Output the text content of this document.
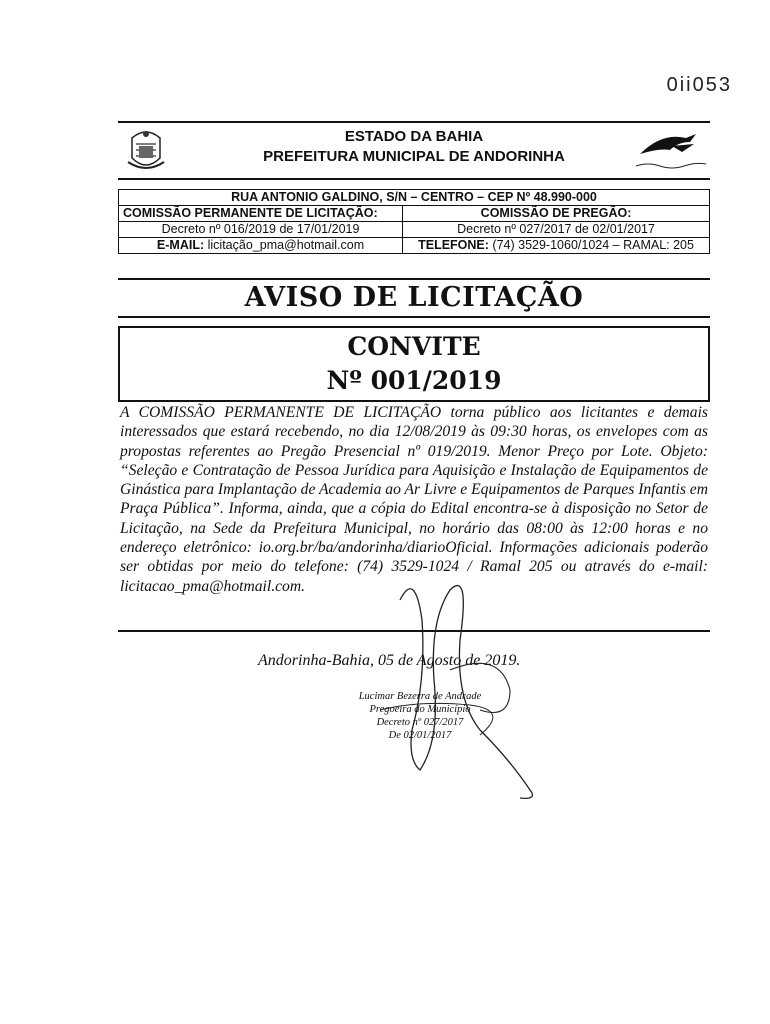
0ii053
ESTADO DA BAHIA
PREFEITURA MUNICIPAL DE ANDORINHA
RUA ANTONIO GALDINO, S/N – CENTRO – CEP Nº 48.990-000	
COMISSÃO PERMANENTE DE LICITAÇÃO:	COMISSÃO DE PREGÃO:
Decreto nº 016/2019 de 17/01/2019	Decreto nº 027/2017 de 02/01/2017
E-MAIL: licitação_pma@hotmail.com	TELEFONE: (74) 3529-1060/1024 – RAMAL: 205
AVISO DE LICITAÇÃO
CONVITE
Nº 001/2019
A COMISSÃO PERMANENTE DE LICITAÇÃO torna público aos licitantes e demais interessados que estará recebendo, no dia 12/08/2019 às 09:30 horas, os envelopes com as propostas referentes ao Pregão Presencial nº 019/2019. Menor Preço por Lote. Objeto: “Seleção e Contratação de Pessoa Jurídica para Aquisição e Instalação de Equipamentos de Ginástica para Implantação de Academia ao Ar Livre e Equipamentos de Parques Infantis em Praça Pública”. Informa, ainda, que a cópia do Edital encontra-se à disposição no Setor de Licitação, na Sede da Prefeitura Municipal, no horário das 08:00 às 12:00 horas e no endereço eletrônico: io.org.br/ba/andorinha/diarioOficial. Informações adicionais poderão ser obtidas por meio do telefone: (74) 3529-1024 / Ramal 205 ou através do e-mail: licitacao_pma@hotmail.com.
Andorinha-Bahia, 05 de Agosto de 2019.
Lucimar Bezerra de Andrade
Pregoeira do Município
Decreto nº 027/2017
De 02/01/2017
